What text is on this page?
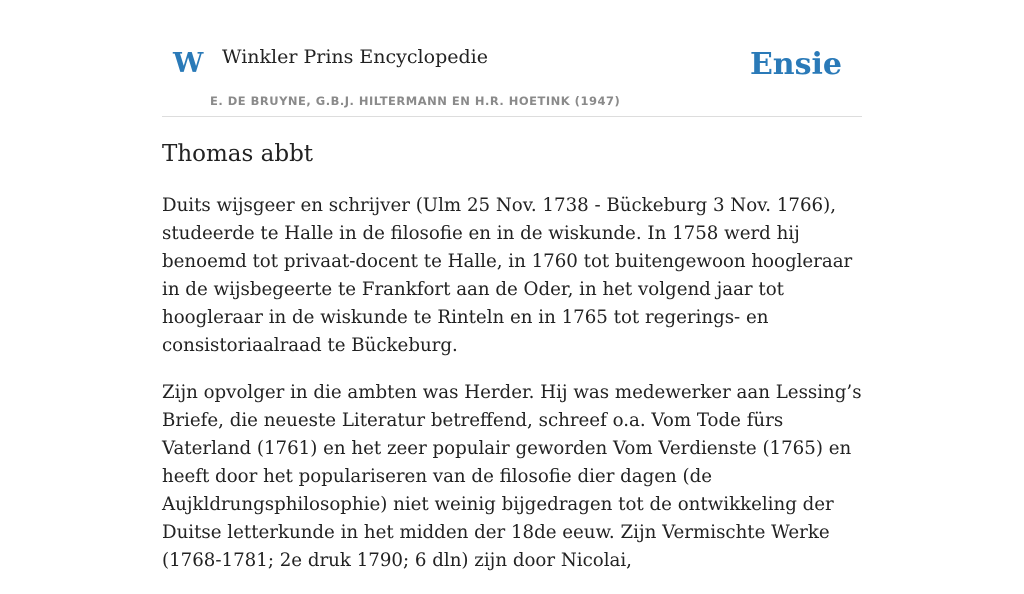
W Winkler Prins Encyclopedie
E. DE BRUYNE, G.B.J. HILTERMANN EN H.R. HOETINK (1947)
Ensie
Thomas abbt

Duits wijsgeer en schrijver (Ulm 25 Nov. 1738 - Bückeburg 3 Nov. 1766), studeerde te Halle in de filosofie en in de wiskunde. In 1758 werd hij benoemd tot privaat-docent te Halle, in 1760 tot buitengewoon hoogleraar in de wijsbegeerte te Frankfort aan de Oder, in het volgend jaar tot hoogleraar in de wiskunde te Rinteln en in 1765 tot regerings- en consistoriaalraad te Bückeburg.

Zijn opvolger in die ambten was Herder. Hij was medewerker aan Lessing’s Briefe, die neueste Literatur betreffend, schreef o.a. Vom Tode fürs Vaterland (1761) en het zeer populair geworden Vom Verdienste (1765) en heeft door het populariseren van de filosofie dier dagen (de Aujkldrungsphilosophie) niet weinig bijgedragen tot de ontwikkeling der Duitse letterkunde in het midden der 18de eeuw. Zijn Vermischte Werke (1768-1781; 2e druk 1790; 6 dln) zijn door Nicolai,
